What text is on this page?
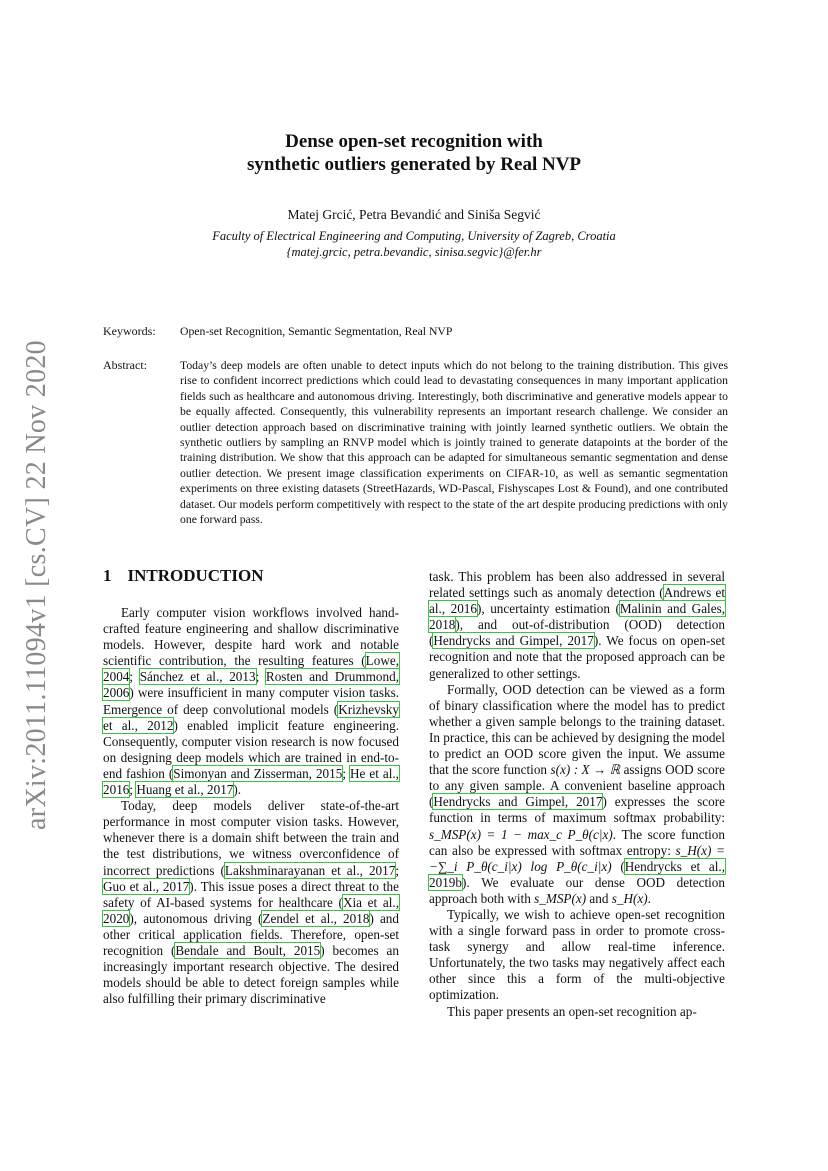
arXiv:2011.11094v1 [cs.CV] 22 Nov 2020
Dense open-set recognition with
synthetic outliers generated by Real NVP
Matej Grcić, Petra Bevandić and Siniša Segvić
Faculty of Electrical Engineering and Computing, University of Zagreb, Croatia
{matej.grcic, petra.bevandic, sinisa.segvic}@fer.hr
Keywords: Open-set Recognition, Semantic Segmentation, Real NVP
Abstract:	Today’s deep models are often unable to detect inputs which do not belong to the training distribution. This gives rise to confident incorrect predictions which could lead to devastating consequences in many important application fields such as healthcare and autonomous driving. Interestingly, both discriminative and generative models appear to be equally affected. Consequently, this vulnerability represents an important research challenge. We consider an outlier detection approach based on discriminative training with jointly learned synthetic outliers. We obtain the synthetic outliers by sampling an RNVP model which is jointly trained to generate datapoints at the border of the training distribution. We show that this approach can be adapted for simultaneous semantic segmentation and dense outlier detection. We present image classification experiments on CIFAR-10, as well as semantic segmentation experiments on three existing datasets (StreetHazards, WD-Pascal, Fishyscapes Lost & Found), and one contributed dataset. Our models perform competitively with respect to the state of the art despite producing predictions with only one forward pass.
1 INTRODUCTION

Early computer vision workflows involved hand-crafted feature engineering and shallow discriminative models. However, despite hard work and notable scientific contribution, the resulting features (Lowe, 2004; Sánchez et al., 2013; Rosten and Drummond, 2006) were insufficient in many computer vision tasks. Emergence of deep convolutional models (Krizhevsky et al., 2012) enabled implicit feature engineering. Consequently, computer vision research is now focused on designing deep models which are trained in end-to-end fashion (Simonyan and Zisserman, 2015; He et al., 2016; Huang et al., 2017).

Today, deep models deliver state-of-the-art performance in most computer vision tasks. However, whenever there is a domain shift between the train and the test distributions, we witness overconfidence of incorrect predictions (Lakshminarayanan et al., 2017; Guo et al., 2017). This issue poses a direct threat to the safety of AI-based systems for healthcare (Xia et al., 2020), autonomous driving (Zendel et al., 2018) and other critical application fields. Therefore, open-set recognition (Bendale and Boult, 2015) becomes an increasingly important research objective. The desired models should be able to detect foreign samples while also fulfilling their primary discriminative

task. This problem has been also addressed in several related settings such as anomaly detection (Andrews et al., 2016), uncertainty estimation (Malinin and Gales, 2018), and out-of-distribution (OOD) detection (Hendrycks and Gimpel, 2017). We focus on open-set recognition and note that the proposed approach can be generalized to other settings.

Formally, OOD detection can be viewed as a form of binary classification where the model has to predict whether a given sample belongs to the training dataset. In practice, this can be achieved by designing the model to predict an OOD score given the input. We assume that the score function s(x) : X → ℝ assigns OOD score to any given sample. A convenient baseline approach (Hendrycks and Gimpel, 2017) expresses the score function in terms of maximum softmax probability: s_MSP(x) = 1 − max_c P_θ(c|x). The score function can also be expressed with softmax entropy: s_H(x) = −∑_i P_θ(c_i|x) log P_θ(c_i|x) (Hendrycks et al., 2019b). We evaluate our dense OOD detection approach both with s_MSP(x) and s_H(x).

Typically, we wish to achieve open-set recognition with a single forward pass in order to promote cross-task synergy and allow real-time inference. Unfortunately, the two tasks may negatively affect each other since this a form of the multi-objective optimization.

This paper presents an open-set recognition ap-
